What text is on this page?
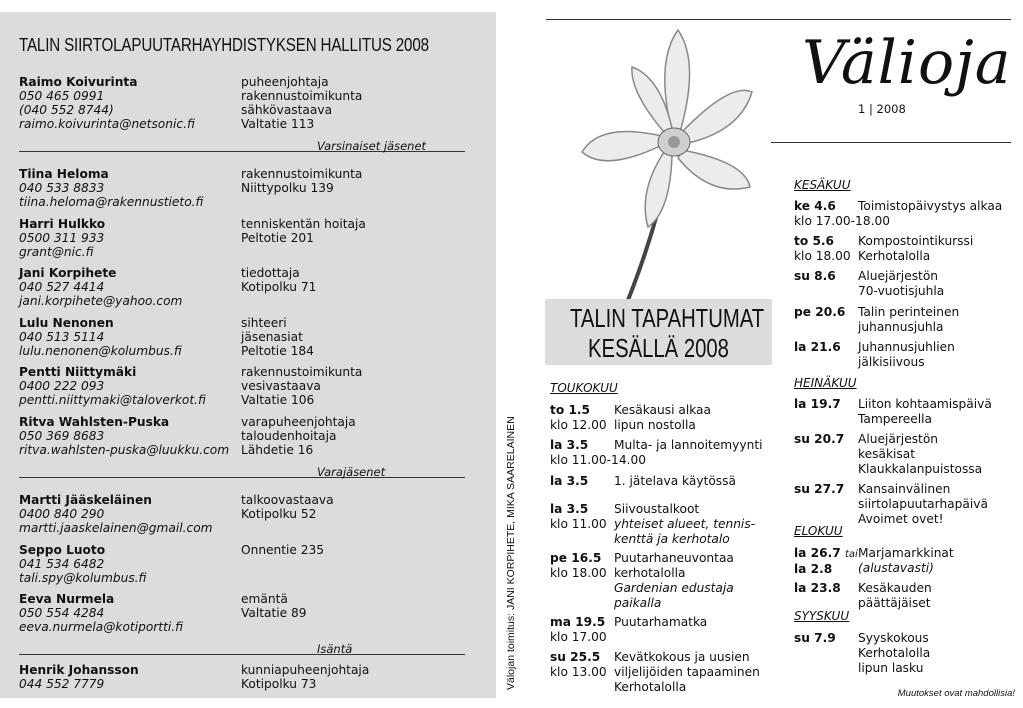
TALIN SIIRTOLAPUUTARHAYHDISTYKSEN HALLITUS 2008
Raimo Koivurinta
050 465 0991
(040 552 8744)
raimo.koivurinta@netsonic.fi
puheenjohtaja
rakennustoimikunta
sähkövastaava
Valtatie 113
Varsinaiset jäsenet
Tiina Heloma
040 533 8833
tiina.heloma@rakennustieto.fi
rakennustoimikunta
Niittypolku 139
Harri Hulkko
0500 311 933
grant@nic.fi
tenniskentän hoitaja
Peltotie 201
Jani Korpihete
040 527 4414
jani.korpihete@yahoo.com
tiedottaja
Kotipolku 71
Lulu Nenonen
040 513 5114
lulu.nenonen@kolumbus.fi
sihteeri
jäsenasiat
Peltotie 184
Pentti Niittymäki
0400 222 093
pentti.niittymaki@taloverkot.fi
rakennustoimikunta
vesivastaava
Valtatie 106
Ritva Wahlsten-Puska
050 369 8683
ritva.wahlsten-puska@luukku.com
varapuheenjohtaja
taloudenhoitaja
Lähdetie 16
Varajäsenet
Martti Jääskeläinen
0400 840 290
martti.jaaskelainen@gmail.com
talkoovastaava
Kotipolku 52
Seppo Luoto
041 534 6482
tali.spy@kolumbus.fi
Onnentie 235
Eeva Nurmela
050 554 4284
eeva.nurmela@kotiportti.fi
emäntä
Valtatie 89
Isäntä
Henrik Johansson
044 552 7779
kunniapuheenjohtaja
Kotipolku 73	Välojan toimitus: JANI KORPIHETE, MIKA SAARELAINEN
Välioja
1 | 2008
TALIN TAPAHTUMAT
KESÄLLÄ 2008
TOUKOKUU
to 1.5
klo 12.00
Kesäkausi alkaa
lipun nostolla
la 3.5
klo 11.00-14.00
Multa- ja lannoitemyynti
la 3.5 1. jätelava käytössä
la 3.5
klo 11.00
Siivoustalkoot
yhteiset alueet, tennis-
kenttä ja kerhotalo
pe 16.5
klo 18.00
Puutarhaneuvontaa
kerhotalolla
Gardenian edustaja
paikalla
ma 19.5
klo 17.00
Puutarhamatka
su 25.5
klo 13.00
Kevätkokous ja uusien
viljelijöiden tapaaminen
Kerhotalolla
KESÄKUU
ke 4.6
klo 17.00-18.00
Toimistopäivystys alkaa
to 5.6
klo 18.00
Kompostointikurssi
Kerhotalolla
su 8.6 Aluejärjestön
70-vuotisjuhla
pe 20.6 Talin perinteinen
juhannusjuhla
la 21.6 Juhannusjuhlien
jälkisiivous
HEINÄKUU
la 19.7 Liiton kohtaamispäivä
Tampereella
su 20.7 Aluejärjestön
kesäkisat
Klaukkalanpuistossa
su 27.7 Kansainvälinen
siirtolapuutarhapäivä
Avoimet ovet!
ELOKUU
la 26.7 tai
la 2.8
Marjamarkkinat
(alustavasti)
la 23.8 Kesäkauden
päättäjäiset
SYYSKUU
su 7.9 Syyskokous
Kerhotalolla
lipun lasku
Muutokset ovat mahdollisia!
